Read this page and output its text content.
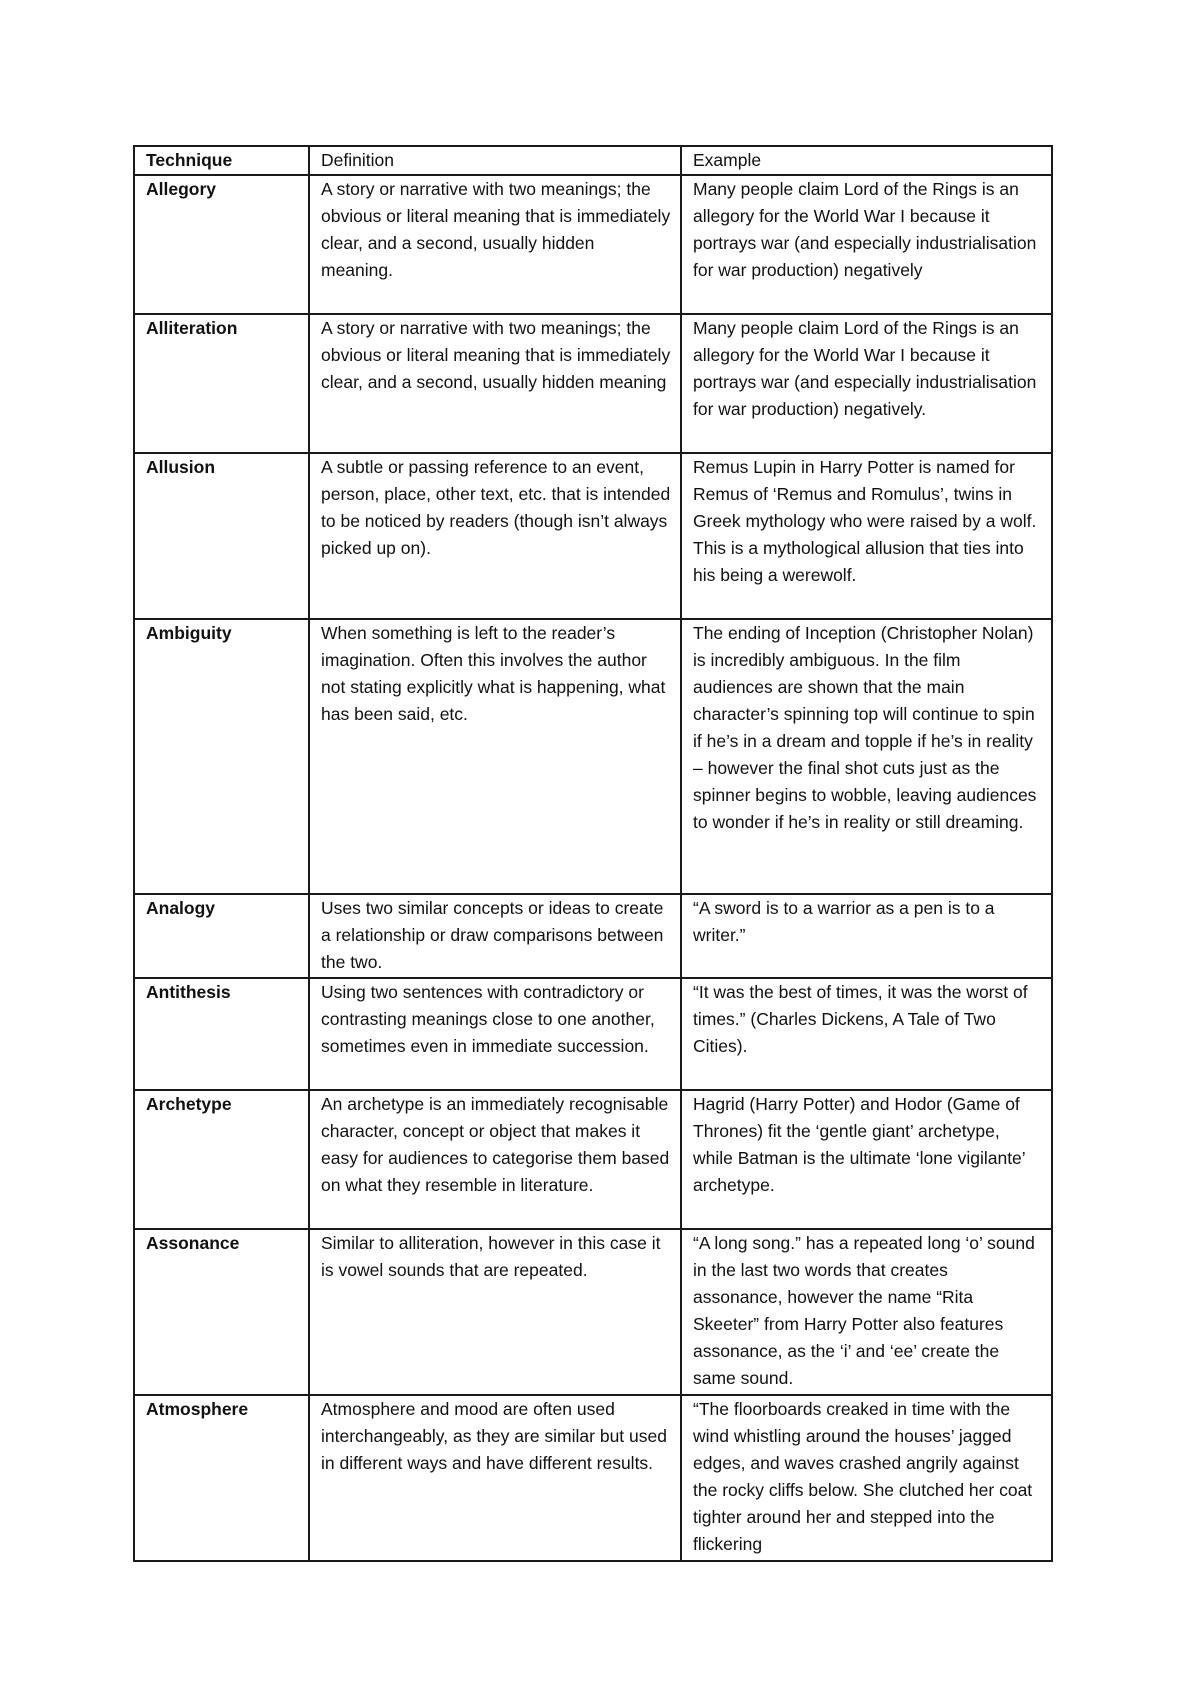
Technique	Definition	Example
Allegory	A story or narrative with two meanings; the obvious or literal meaning that is immediately clear, and a second, usually hidden meaning.	Many people claim Lord of the Rings is an allegory for the World War I because it portrays war (and especially industrialisation for war production) negatively
Alliteration	A story or narrative with two meanings; the obvious or literal meaning that is immediately clear, and a second, usually hidden meaning	Many people claim Lord of the Rings is an allegory for the World War I because it portrays war (and especially industrialisation for war production) negatively.
Allusion	A subtle or passing reference to an event, person, place, other text, etc. that is intended to be noticed by readers (though isn’t always picked up on).	Remus Lupin in Harry Potter is named for Remus of ‘Remus and Romulus’, twins in Greek mythology who were raised by a wolf. This is a mythological allusion that ties into his being a werewolf.
Ambiguity	When something is left to the reader’s imagination. Often this involves the author not stating explicitly what is happening, what has been said, etc.	The ending of Inception (Christopher Nolan) is incredibly ambiguous. In the film audiences are shown that the main character’s spinning top will continue to spin if he’s in a dream and topple if he’s in reality – however the final shot cuts just as the spinner begins to wobble, leaving audiences to wonder if he’s in reality or still dreaming.
Analogy	Uses two similar concepts or ideas to create a relationship or draw comparisons between the two.	“A sword is to a warrior as a pen is to a writer.”
Antithesis	Using two sentences with contradictory or contrasting meanings close to one another, sometimes even in immediate succession.	“It was the best of times, it was the worst of times.” (Charles Dickens, A Tale of Two Cities).
Archetype	An archetype is an immediately recognisable character, concept or object that makes it easy for audiences to categorise them based on what they resemble in literature.	Hagrid (Harry Potter) and Hodor (Game of Thrones) fit the ‘gentle giant’ archetype, while Batman is the ultimate ‘lone vigilante’ archetype.
Assonance	Similar to alliteration, however in this case it is vowel sounds that are repeated.	“A long song.” has a repeated long ‘o’ sound in the last two words that creates assonance, however the name “Rita Skeeter” from Harry Potter also features assonance, as the ‘i’ and ‘ee’ create the same sound.
Atmosphere	Atmosphere and mood are often used interchangeably, as they are similar but used in different ways and have different results.	“The floorboards creaked in time with the wind whistling around the houses’ jagged edges, and waves crashed angrily against the rocky cliffs below. She clutched her coat tighter around her and stepped into the flickering
